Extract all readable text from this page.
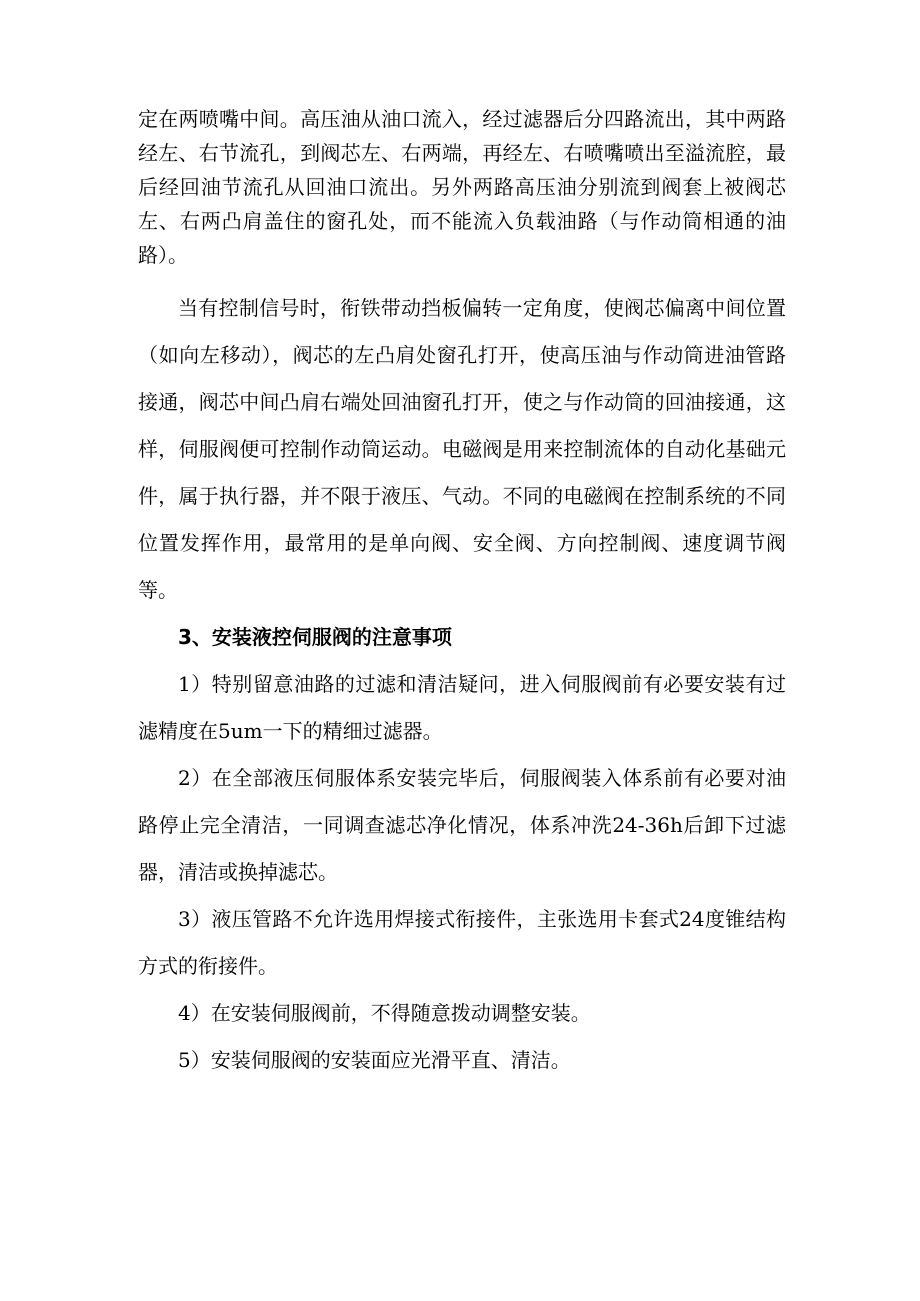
定在两喷嘴中间。高压油从油口流入，经过滤器后分四路流出，其中两路经左、右节流孔，到阀芯左、右两端，再经左、右喷嘴喷出至溢流腔，最后经回油节流孔从回油口流出。另外两路高压油分别流到阀套上被阀芯左、右两凸肩盖住的窗孔处，而不能流入负载油路（与作动筒相通的油路）。

当有控制信号时，衔铁带动挡板偏转一定角度，使阀芯偏离中间位置（如向左移动），阀芯的左凸肩处窗孔打开，使高压油与作动筒进油管路接通，阀芯中间凸肩右端处回油窗孔打开，使之与作动筒的回油接通，这样，伺服阀便可控制作动筒运动。电磁阀是用来控制流体的自动化基础元件，属于执行器，并不限于液压、气动。不同的电磁阀在控制系统的不同位置发挥作用，最常用的是单向阀、安全阀、方向控制阀、速度调节阀等。

3、安装液控伺服阀的注意事项

1）特别留意油路的过滤和清洁疑问，进入伺服阀前有必要安装有过滤精度在5um一下的精细过滤器。

2）在全部液压伺服体系安装完毕后，伺服阀装入体系前有必要对油路停止完全清洁，一同调查滤芯净化情况，体系冲洗24-36h后卸下过滤器，清洁或换掉滤芯。

3）液压管路不允许选用焊接式衔接件，主张选用卡套式24度锥结构方式的衔接件。

4）在安装伺服阀前，不得随意拨动调整安装。

5）安装伺服阀的安装面应光滑平直、清洁。
